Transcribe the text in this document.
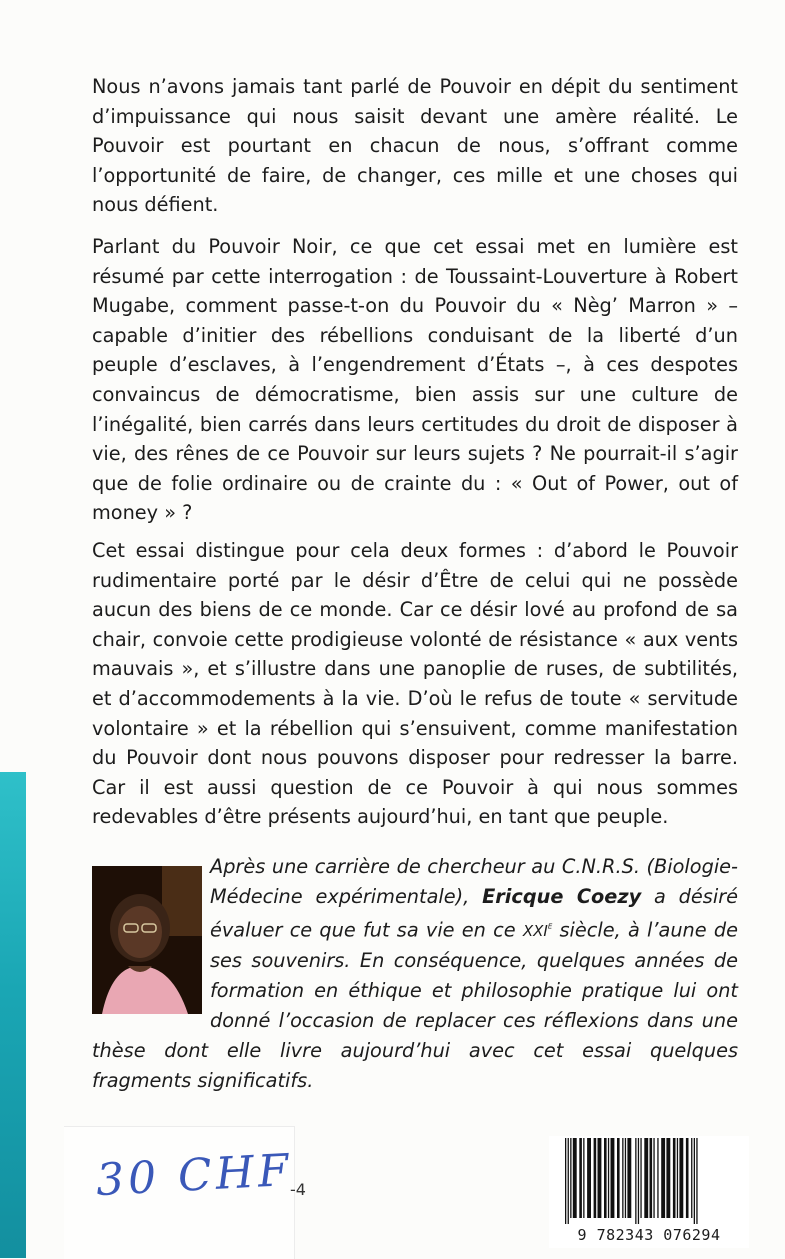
Nous n’avons jamais tant parlé de Pouvoir en dépit du sentiment d’impuissance qui nous saisit devant une amère réalité. Le Pouvoir est pourtant en chacun de nous, s’offrant comme l’opportunité de faire, de changer, ces mille et une choses qui nous défient.

Parlant du Pouvoir Noir, ce que cet essai met en lumière est résumé par cette interrogation : de Toussaint-Louverture à Robert Mugabe, comment passe-t-on du Pouvoir du « Nèg’ Marron » – capable d’initier des rébellions conduisant de la liberté d’un peuple d’esclaves, à l’engendrement d’États –, à ces despotes convaincus de démocratisme, bien assis sur une culture de l’inégalité, bien carrés dans leurs certitudes du droit de disposer à vie, des rênes de ce Pouvoir sur leurs sujets ? Ne pourrait-il s’agir que de folie ordinaire ou de crainte du : « Out of Power, out of money » ?

Cet essai distingue pour cela deux formes : d’abord le Pouvoir rudimentaire porté par le désir d’Être de celui qui ne possède aucun des biens de ce monde. Car ce désir lové au profond de sa chair, convoie cette prodigieuse volonté de résistance « aux vents mauvais », et s’illustre dans une panoplie de ruses, de subtilités, et d’accommodements à la vie. D’où le refus de toute « servitude volontaire » et la rébellion qui s’ensuivent, comme manifestation du Pouvoir dont nous pouvons disposer pour redresser la barre. Car il est aussi question de ce Pouvoir à qui nous sommes redevables d’être présents aujourd’hui, en tant que peuple.

Après une carrière de chercheur au C.N.R.S. (Biologie-Médecine expérimentale), Ericque Coezy a désiré évaluer ce que fut sa vie en ce XXIe siècle, à l’aune de ses souvenirs. En conséquence, quelques années de formation en éthique et philosophie pratique lui ont donné l’occasion de replacer ces réflexions dans une thèse dont elle livre aujourd’hui avec cet essai quelques fragments significatifs.

30 CHF
-4
9 782343 076294
